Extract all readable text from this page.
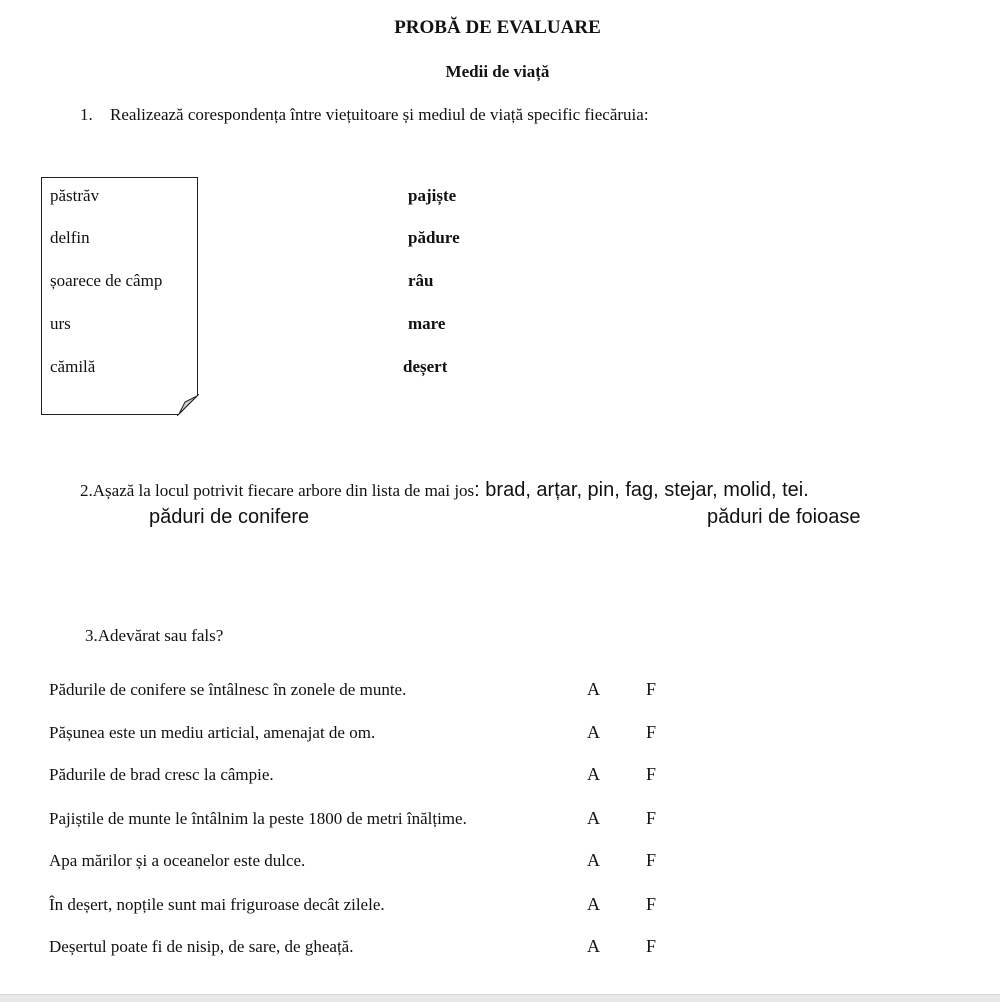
PROBĂ DE EVALUARE
Medii de viață
1. Realizează corespondența între viețuitoare și mediul de viață specific fiecăruia:
păstrăv
delfin
șoarece de câmp
urs
cămilă
pajiște
pădure
râu
mare
deșert
2.Așază la locul potrivit fiecare arbore din lista de mai jos: brad, arțar, pin, fag, stejar, molid, tei.
păduri de conifere	păduri de foioase
3.Adevărat sau fals?
Pădurile de conifere se întâlnesc în zonele de munte.	A	F
Pășunea este un mediu articial, amenajat de om.	A	F
Pădurile de brad cresc la câmpie.	A	F
Pajiștile de munte le întâlnim la peste 1800 de metri înălțime.	A	F
Apa mărilor și a oceanelor este dulce.	A	F
În deșert, nopțile sunt mai friguroase decât zilele.	A	F
Deșertul poate fi de nisip, de sare, de gheață.	A	F
